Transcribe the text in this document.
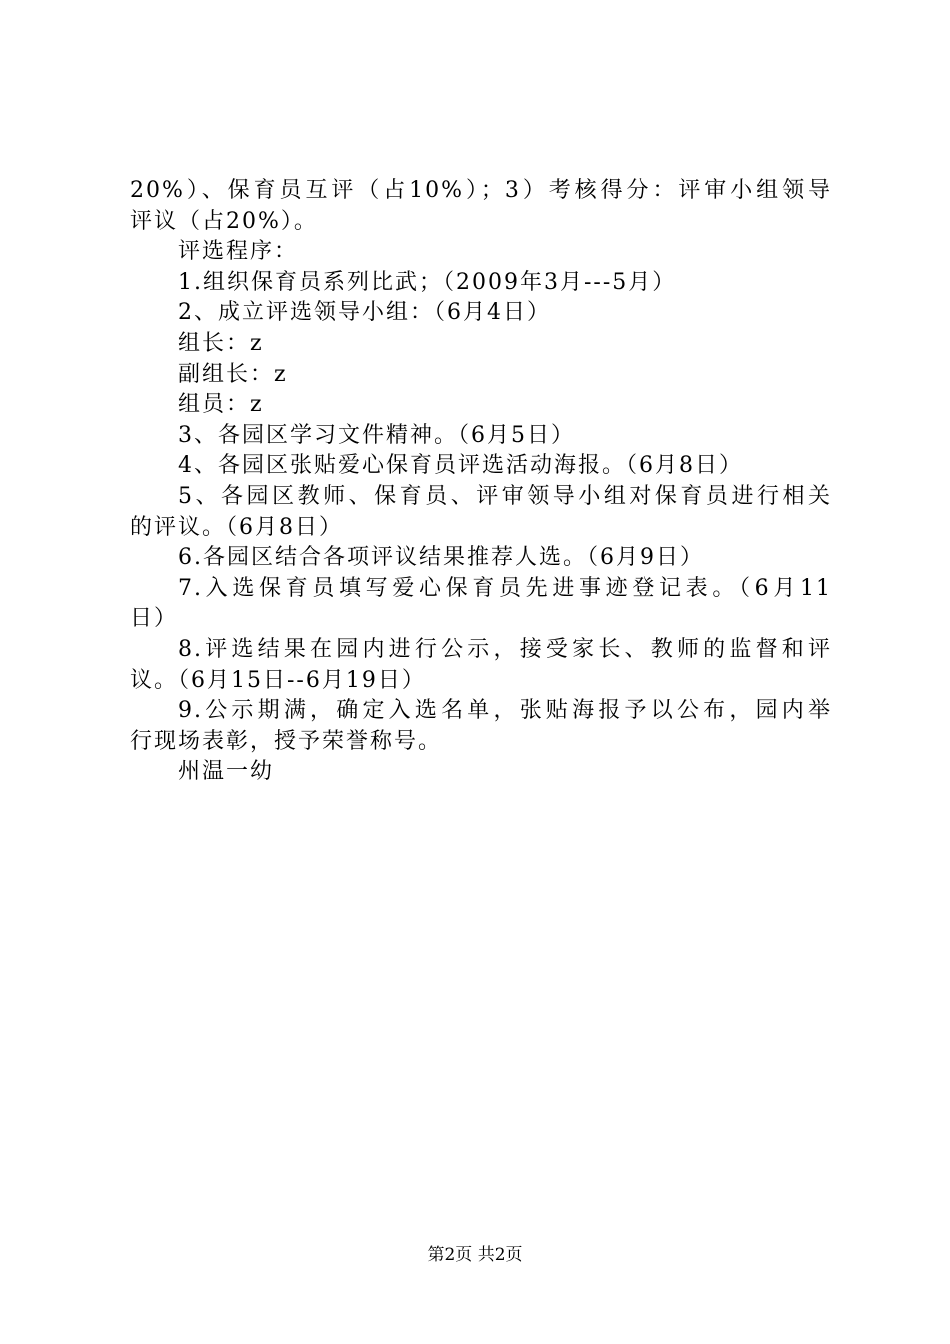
20%）、保育员互评（占10%）；3）考核得分：评审小组领导
评议（占20%）。
评选程序：
1.组织保育员系列比武；（2009年3月---5月）
2、成立评选领导小组：（6月4日）
组长：z
副组长：z
组员：z
3、各园区学习文件精神。（6月5日）
4、各园区张贴爱心保育员评选活动海报。（6月8日）
5、各园区教师、保育员、评审领导小组对保育员进行相关
的评议。（6月8日）
6.各园区结合各项评议结果推荐人选。（6月9日）
7.入选保育员填写爱心保育员先进事迹登记表。（6月11
日）
8.评选结果在园内进行公示，接受家长、教师的监督和评
议。（6月15日--6月19日）
9.公示期满，确定入选名单，张贴海报予以公布，园内举
行现场表彰，授予荣誉称号。
州温一幼
第2页 共2页
